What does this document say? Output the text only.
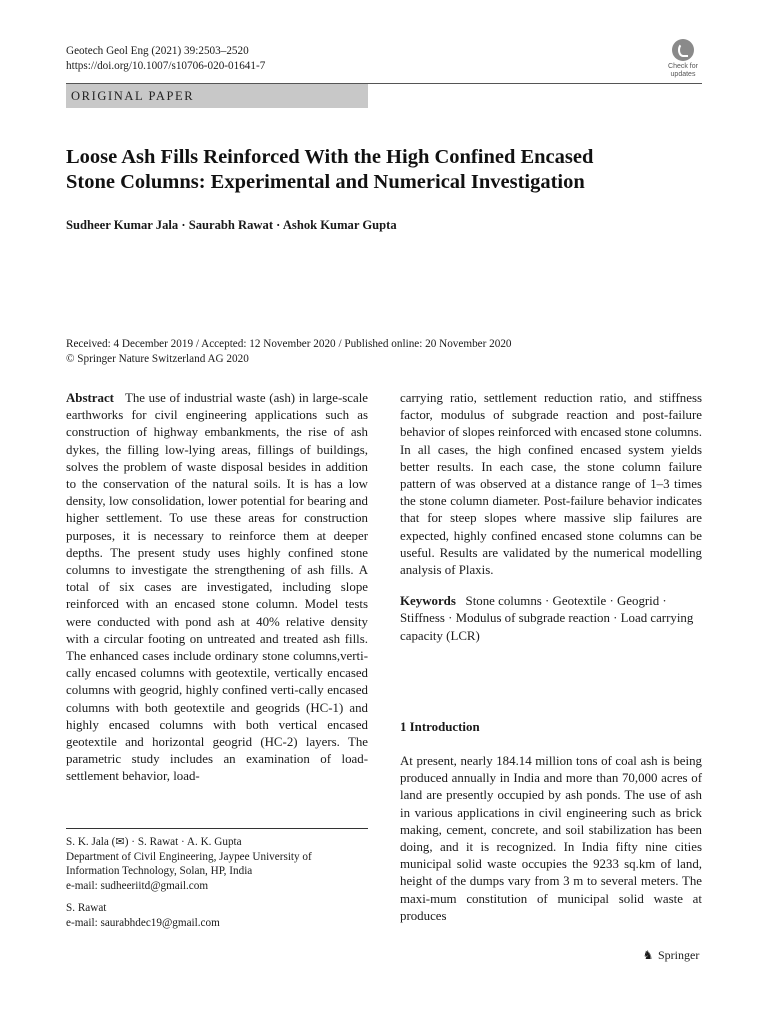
Geotech Geol Eng (2021) 39:2503–2520
https://doi.org/10.1007/s10706-020-01641-7	Check for
updates
ORIGINAL PAPER
Loose Ash Fills Reinforced With the High Confined Encased
Stone Columns: Experimental and Numerical Investigation
Sudheer Kumar Jala · Saurabh Rawat · Ashok Kumar Gupta
Received: 4 December 2019 / Accepted: 12 November 2020 / Published online: 20 November 2020
© Springer Nature Switzerland AG 2020

Abstract The use of industrial waste (ash) in large-scale earthworks for civil engineering applications such as construction of highway embankments, the rise of ash dykes, the filling low-lying areas, fillings of buildings, solves the problem of waste disposal besides in addition to the conservation of the natural soils. It is has a low density, low consolidation, lower potential for bearing and higher settlement. To use these areas for construction purposes, it is necessary to reinforce them at deeper depths. The present study uses highly confined stone columns to investigate the strengthening of ash fills. A total of six cases are investigated, including slope reinforced with an encased stone column. Model tests were conducted with pond ash at 40% relative density with a circular footing on untreated and treated ash fills. The enhanced cases include ordinary stone columns,verti-cally encased columns with geotextile, vertically encased columns with geogrid, highly confined verti-cally encased columns with both geotextile and geogrids (HC-1) and highly encased columns with both vertical encased geotextile and horizontal geogrid (HC-2) layers. The parametric study includes an examination of load-settlement behavior, load-

carrying ratio, settlement reduction ratio, and stiffness factor, modulus of subgrade reaction and post-failure behavior of slopes reinforced with encased stone columns. In all cases, the high confined encased system yields better results. In each case, the stone column failure pattern of was observed at a distance range of 1–3 times the stone column diameter. Post-failure behavior indicates that for steep slopes where massive slip failures are expected, highly confined encased stone columns can be useful. Results are validated by the numerical modelling analysis of Plaxis.

Keywords Stone columns · Geotextile · Geogrid · Stiffness · Modulus of subgrade reaction · Load carrying capacity (LCR)

1 Introduction
At present, nearly 184.14 million tons of coal ash is being produced annually in India and more than 70,000 acres of land are presently occupied by ash ponds. The use of ash in various applications in civil engineering such as brick making, cement, concrete, and soil stabilization has been doing, and it is recognized. In India fifty nine cities municipal solid waste occupies the 9233 sq.km of land, height of the dumps vary from 3 m to several meters. The maxi-mum constitution of municipal solid waste at produces
S. K. Jala (✉) · S. Rawat · A. K. Gupta
Department of Civil Engineering, Jaypee University of
Information Technology, Solan, HP, India
e-mail: sudheeriitd@gmail.com
S. Rawat
e-mail: saurabhdec19@gmail.com
♞ Springer
